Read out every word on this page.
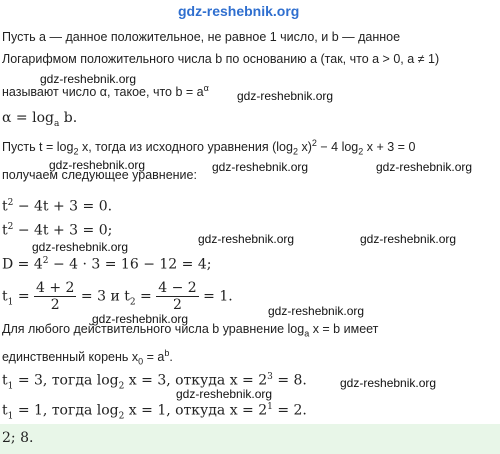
gdz-reshebnik.org
Пусть a — данное положительное, не равное 1 число, и b — данное
Логарифмом положительного числа b по основанию a (так, что a > 0, a ≠ 1)
gdz-reshebnik.org
называют число α, такое, что $b = a^\alpha$
gdz-reshebnik.org
$\alpha = \log_a b$.
Пусть $t = \log_2 x$, тогда из исходного уравнения ($\log_2$ x)$^2$ − 4 $\log_2 x + 3 = 0$
gdz-reshebnik.org	gdz-reshebnik.org	gdz-reshebnik.org
получаем следующее уравнение:
$t^2 - 4t + 3 = 0$.
$t^2 - 4t + 3 = 0$;
gdz-reshebnik.org	gdz-reshebnik.org
gdz-reshebnik.org
$D = 4^2 - 4 \cdot 3 = 16 - 12 = 4$;
$t_1 = \frac{4 + 2}{2} = 3$ и $t_2 = \frac{4 - 2}{2} = 1$.
gdz-reshebnik.org
gdz-reshebnik.org
Для любого действительного числа b уравнение $\log_a x = b$ имеет
единственный корень $x_0 = a^b$.
$t_1 = 3$, тогда $\log_2 x = 3$, откуда $x = 2^3 = 8$.	gdz-reshebnik.org
gdz-reshebnik.org
$t_1 = 1$, тогда $\log_2 x = 1$, откуда $x = 2^1 = 2$.
2; 8.
